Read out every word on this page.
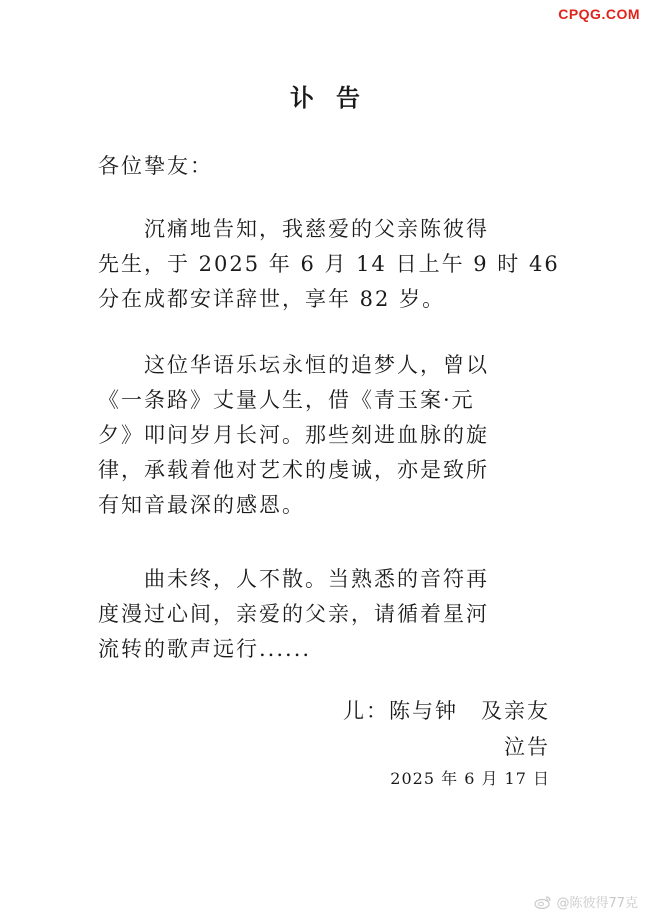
CPQG.COM
讣告
各位挚友：

　　沉痛地告知，我慈爱的父亲陈彼得
先生，于 2025 年 6 月 14 日上午 9 时 46
分在成都安详辞世，享年 82 岁。

　　这位华语乐坛永恒的追梦人，曾以
《一条路》丈量人生，借《青玉案·元
夕》叩问岁月长河。那些刻进血脉的旋
律，承载着他对艺术的虔诚，亦是致所
有知音最深的感恩。

　　曲未终，人不散。当熟悉的音符再
度漫过心间，亲爱的父亲，请循着星河
流转的歌声远行......

儿：陈与钟　及亲友
泣告
2025 年 6 月 17 日
@陈彼得77克
